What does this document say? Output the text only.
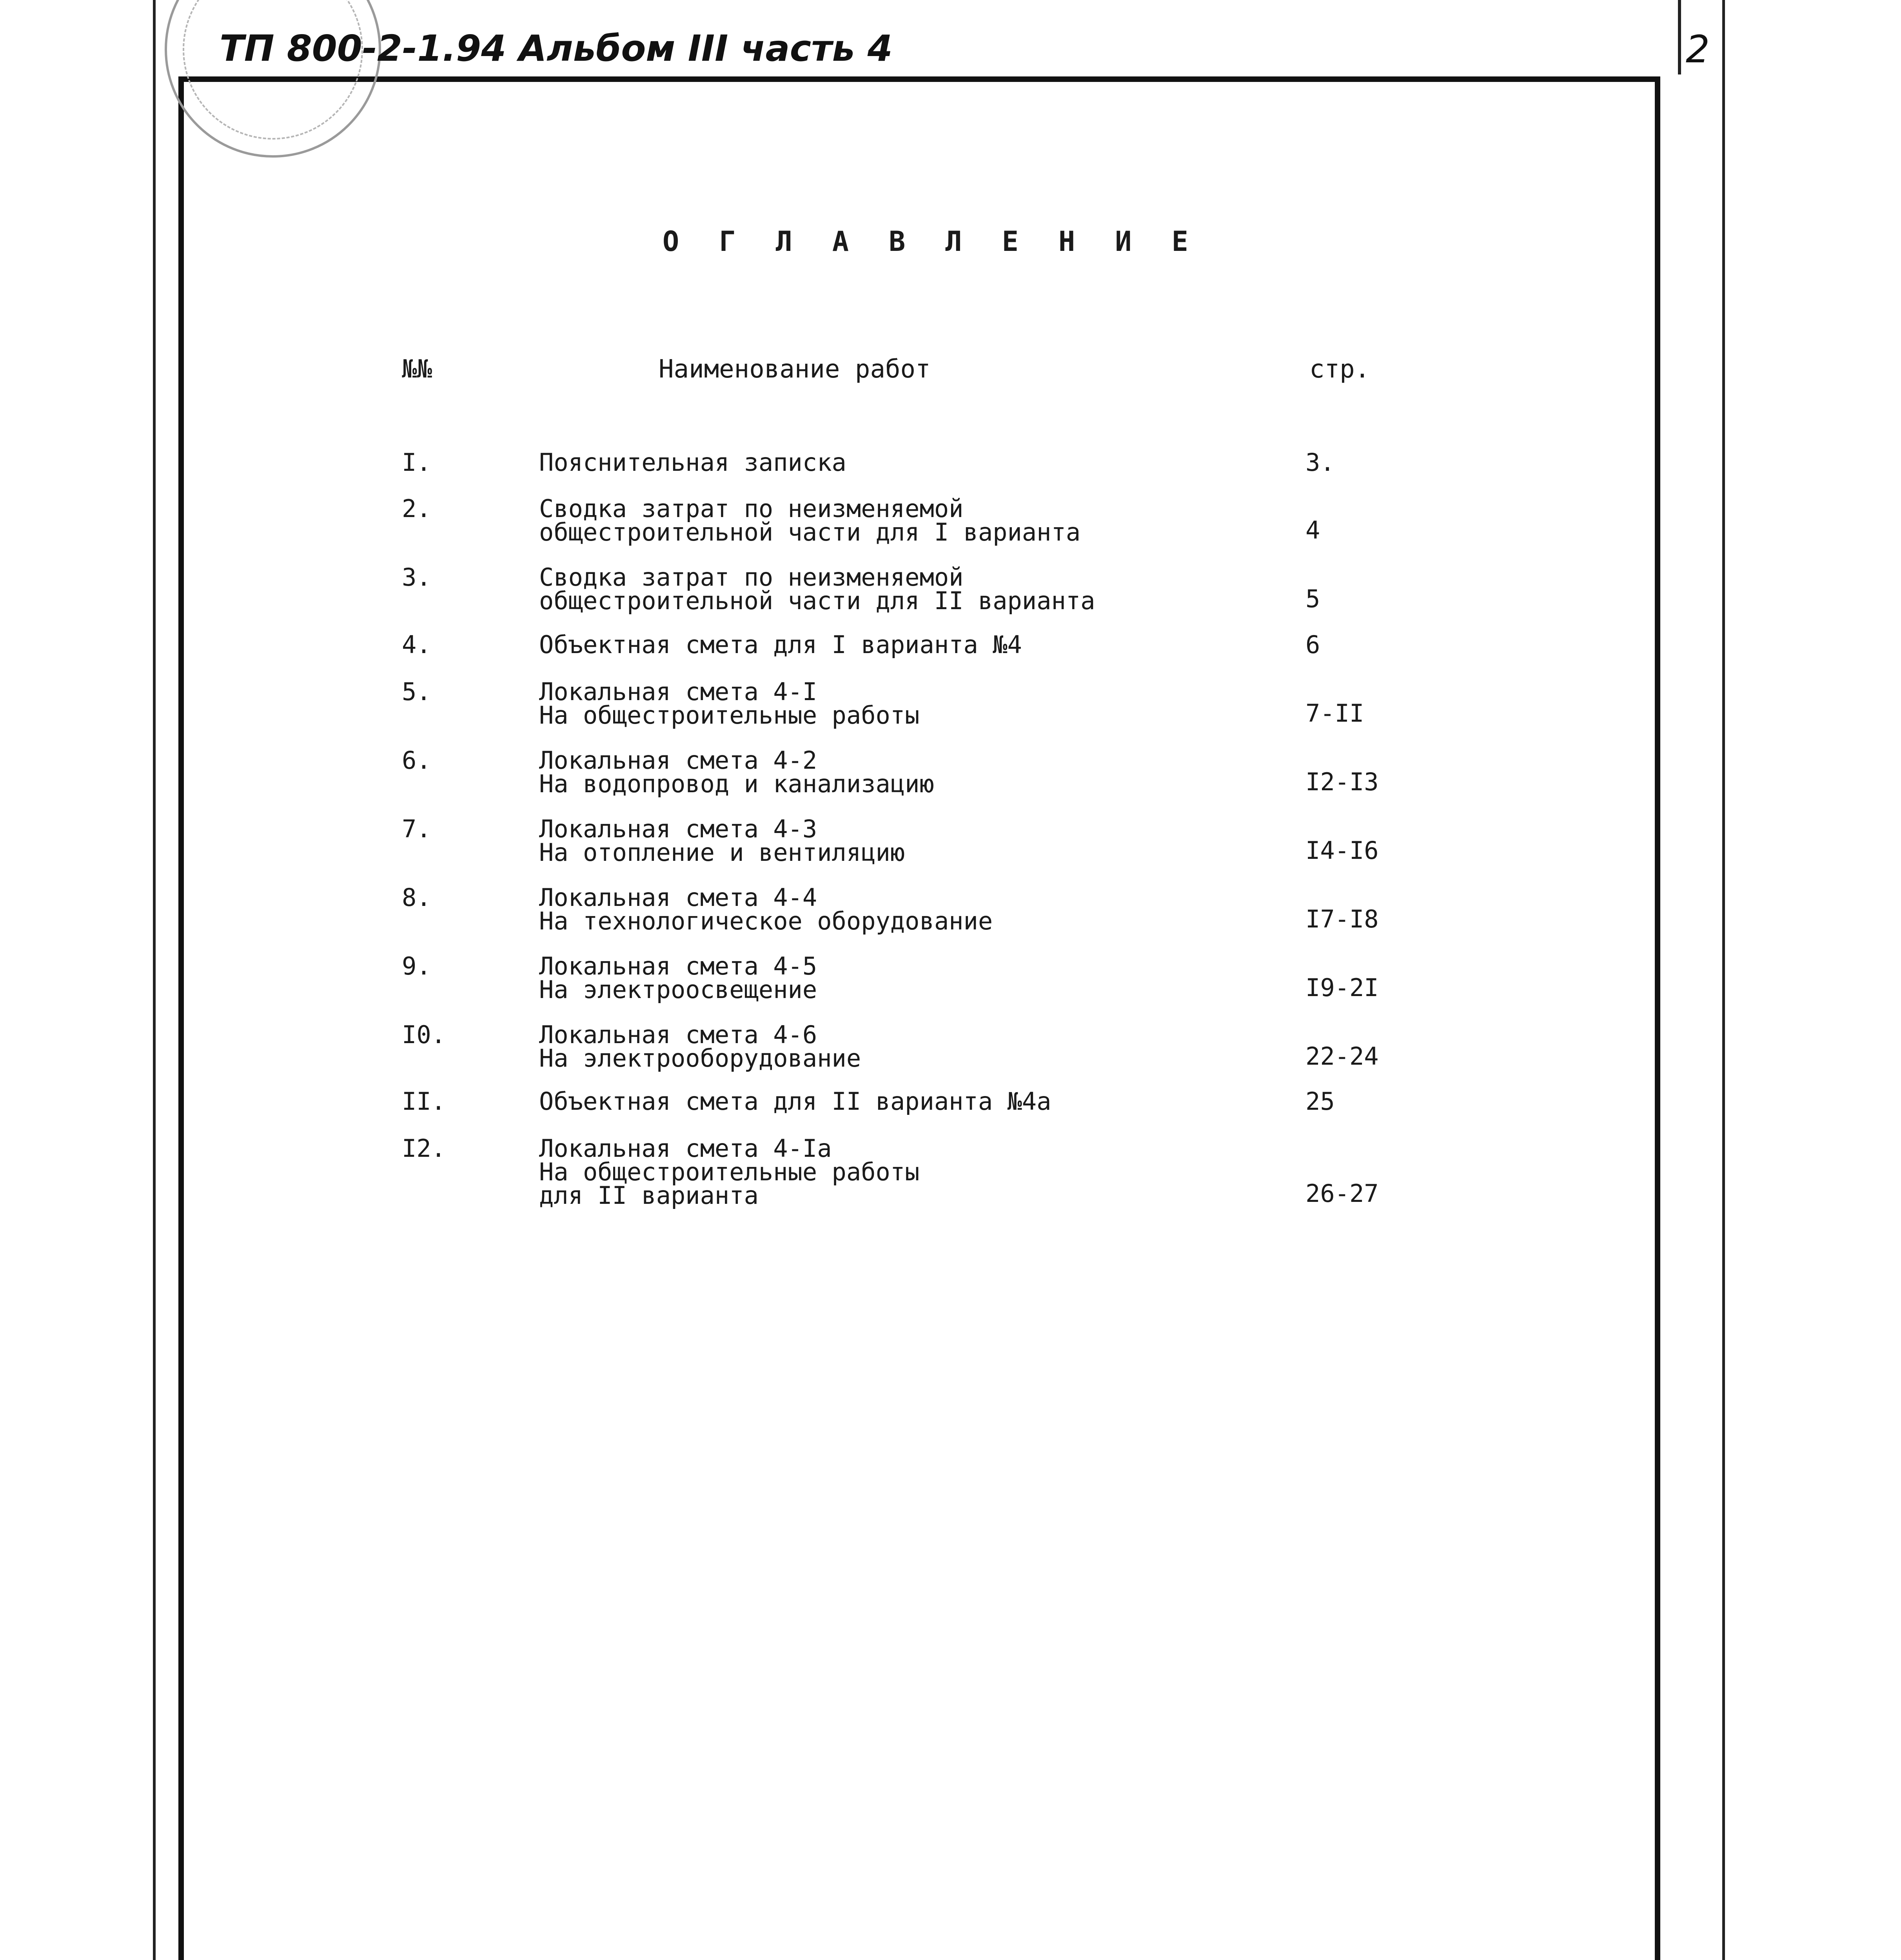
ТП 800-2-1.94 Альбом III часть 4	2
О Г Л А В Л Е Н И Е
№№	Наименование работ	стр.
I.	Пояснительная записка	3.
2.	Сводка затрат по неизменяемой
общестроительной части для I варианта	4
3.	Сводка затрат по неизменяемой
общестроительной части для II варианта	5
4.	Объектная смета для I варианта №4	6
5.	Локальная смета 4-I
На общестроительные работы	7-II
6.	Локальная смета 4-2
На водопровод и канализацию	I2-I3
7.	Локальная смета 4-3
На отопление и вентиляцию	I4-I6
8.	Локальная смета 4-4
На технологическое оборудование	I7-I8
9.	Локальная смета 4-5
На электроосвещение	I9-2I
I0.	Локальная смета 4-6
На электрооборудование	22-24
II.	Объектная смета для II варианта №4а	25
I2.	Локальная смета 4-Iа
На общестроительные работы
для II варианта	26-27
